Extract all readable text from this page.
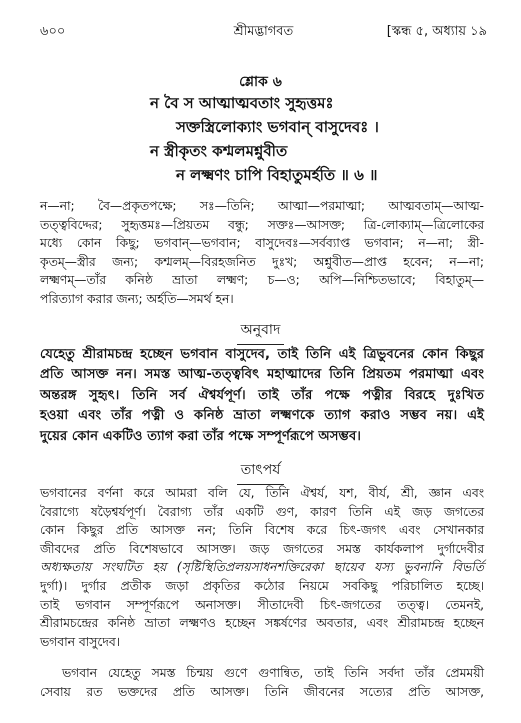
৬০০	শ্রীমদ্ভাগবত	[স্কন্ধ ৫, অধ্যায় ১৯
শ্লোক ৬
ন বৈ স আত্মাত্মবতাং সুহৃত্তমঃ
সক্তস্ত্রিলোক্যাং ভগবান্ বাসুদেবঃ ।
ন স্ত্রীকৃতং কশ্মলমশ্নুবীত
ন লক্ষ্মণং চাপি বিহাতুমর্হতি ॥ ৬ ॥
ন—না; বৈ—প্রকৃতপক্ষে; সঃ—তিনি; আত্মা—পরমাত্মা; আত্মবতাম্—আত্ম-
তত্ত্ববিদ্দের; সুহৃত্তমঃ—প্রিয়তম বন্ধু; সক্তঃ—আসক্ত; ত্রি-লোক্যাম্—ত্রিলোকের
মধ্যে কোন কিছু; ভগবান্—ভগবান; বাসুদেবঃ—সর্বব্যাপ্ত ভগবান; ন—না; স্ত্রী-
কৃতম্—স্ত্রীর জন্য; কশ্মলম্—বিরহজনিত দুঃখ; অশ্নুবীত—প্রাপ্ত হবেন; ন—না;
লক্ষ্মণম্—তাঁর কনিষ্ঠ ভ্রাতা লক্ষ্মণ; চ—ও; অপি—নিশ্চিতভাবে; বিহাতুম্—
পরিত্যাগ করার জন্য; অর্হতি—সমর্থ হন।
অনুবাদ
যেহেতু শ্রীরামচন্দ্র হচ্ছেন ভগবান বাসুদেব, তাই তিনি এই ত্রিভুবনের কোন কিছুর
প্রতি আসক্ত নন। সমস্ত আত্ম-তত্ত্ববিৎ মহাত্মাদের তিনি প্রিয়তম পরমাত্মা এবং
অন্তরঙ্গ সুহৃৎ। তিনি সর্ব ঐশ্বর্যপূর্ণ। তাই তাঁর পক্ষে পত্নীর বিরহে দুঃখিত
হওয়া এবং তাঁর পত্নী ও কনিষ্ঠ ভ্রাতা লক্ষ্মণকে ত্যাগ করাও সম্ভব নয়। এই
দুয়ের কোন একটিও ত্যাগ করা তাঁর পক্ষে সম্পূর্ণরূপে অসম্ভব।
তাৎপর্য
ভগবানের বর্ণনা করে আমরা বলি যে, তিনি ঐশ্বর্য, যশ, বীর্য, শ্রী, জ্ঞান এবং
বৈরাগ্যে ষড়ৈশ্বর্যপূর্ণ। বৈরাগ্য তাঁর একটি গুণ, কারণ তিনি এই জড় জগতের
কোন কিছুর প্রতি আসক্ত নন; তিনি বিশেষ করে চিৎ-জগৎ এবং সেখানকার
জীবদের প্রতি বিশেষভাবে আসক্ত। জড় জগতের সমস্ত কার্যকলাপ দুর্গাদেবীর
অধ্যক্ষতায় সংঘটিত হয় (সৃষ্টিস্থিতিপ্রলয়সাধনশক্তিরেকা ছায়েব যস্য ভুবনানি বিভর্তি
দুর্গা)। দুর্গার প্রতীক জড়া প্রকৃতির কঠোর নিয়মে সবকিছু পরিচালিত হচ্ছে।
তাই ভগবান সম্পূর্ণরূপে অনাসক্ত। সীতাদেবী চিৎ-জগতের তত্ত্ব। তেমনই,
শ্রীরামচন্দ্রের কনিষ্ঠ ভ্রাতা লক্ষ্মণও হচ্ছেন সঙ্কর্ষণের অবতার, এবং শ্রীরামচন্দ্র হচ্ছেন
ভগবান বাসুদেব।
ভগবান যেহেতু সমস্ত চিন্ময় গুণে গুণান্বিত, তাই তিনি সর্বদা তাঁর প্রেমময়ী
সেবায় রত ভক্তদের প্রতি আসক্ত। তিনি জীবনের সত্যের প্রতি আসক্ত,
